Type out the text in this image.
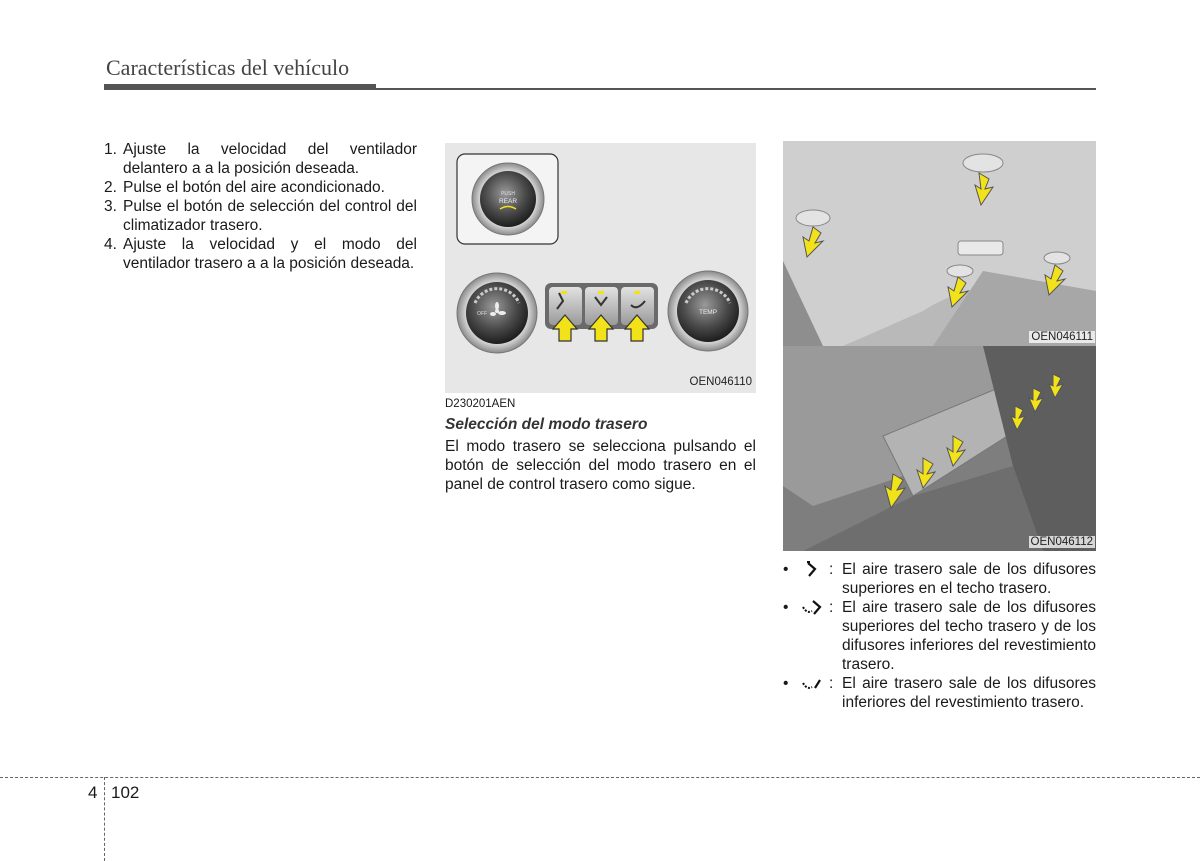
Características del vehículo
1. Ajuste la velocidad del ventilador delantero a a la posición deseada.
2. Pulse el botón del aire acondicionado.
3. Pulse el botón de selección del control del climatizador trasero.
4. Ajuste la velocidad y el modo del ventilador trasero a a la posición deseada.
PUSH
REAR
OFF	TEMP
OEN046110
D230201AEN
Selección del modo trasero

El modo trasero se selecciona pulsando el botón de selección del modo trasero en el panel de control trasero como sigue.

OEN046111
OEN046112
•	: El aire trasero sale de los difusores superiores en el techo trasero.
•	: El aire trasero sale de los difusores superiores del techo trasero y de los difusores inferiores del revestimiento trasero.
•	: El aire trasero sale de los difusores inferiores del revestimiento trasero.
4 102
